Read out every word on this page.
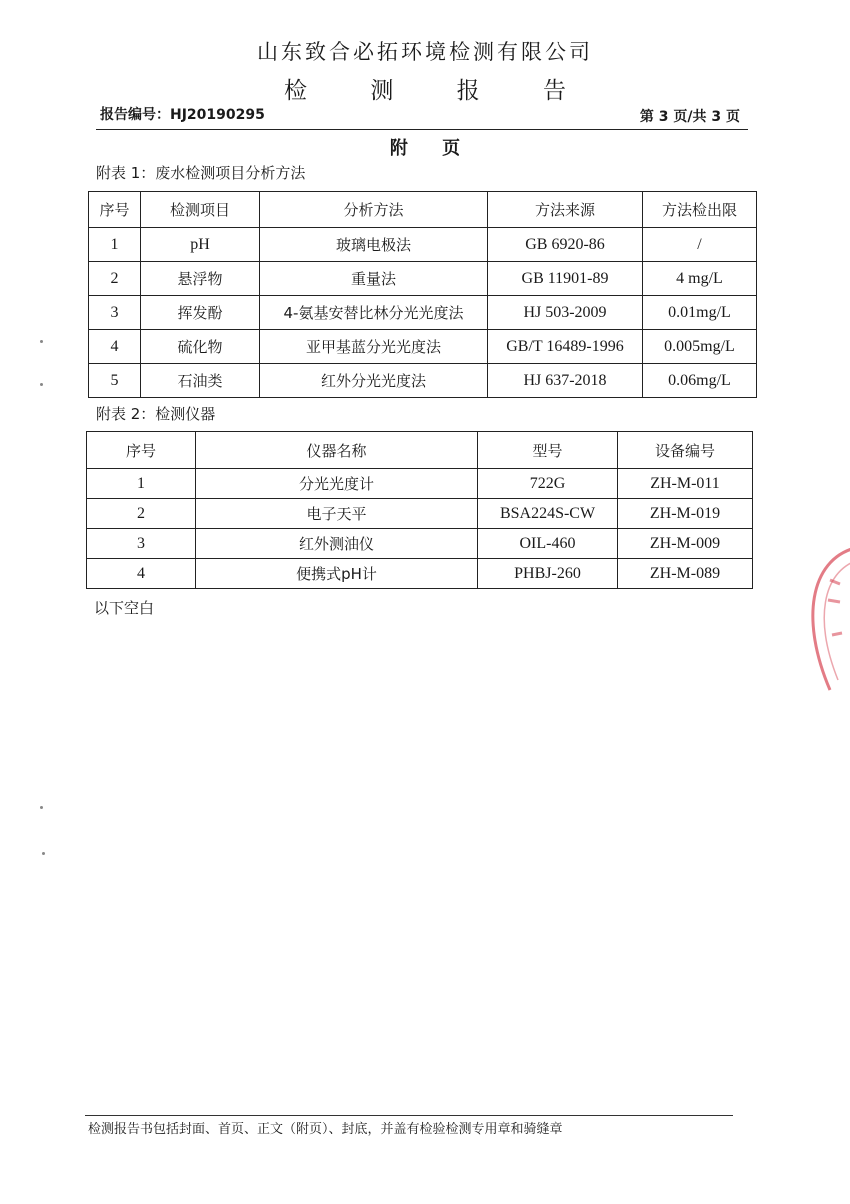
山东致合必拓环境检测有限公司
检 测 报 告
报告编号：HJ20190295	第 3 页/共 3 页
附 页
附表 1：废水检测项目分析方法
序号	检测项目	分析方法	方法来源	方法检出限
1	pH	玻璃电极法	GB 6920-86	/
2	悬浮物	重量法	GB 11901-89	4 mg/L
3	挥发酚	4-氨基安替比林分光光度法	HJ 503-2009	0.01mg/L
4	硫化物	亚甲基蓝分光光度法	GB/T 16489-1996	0.005mg/L
5	石油类	红外分光光度法	HJ 637-2018	0.06mg/L
附表 2：检测仪器
序号	仪器名称	型号	设备编号
1	分光光度计	722G	ZH-M-011
2	电子天平	BSA224S-CW	ZH-M-019
3	红外测油仪	OIL-460	ZH-M-009
4	便携式pH计	PHBJ-260	ZH-M-089
以下空白
检测报告书包括封面、首页、正文（附页）、封底，并盖有检验检测专用章和骑缝章
